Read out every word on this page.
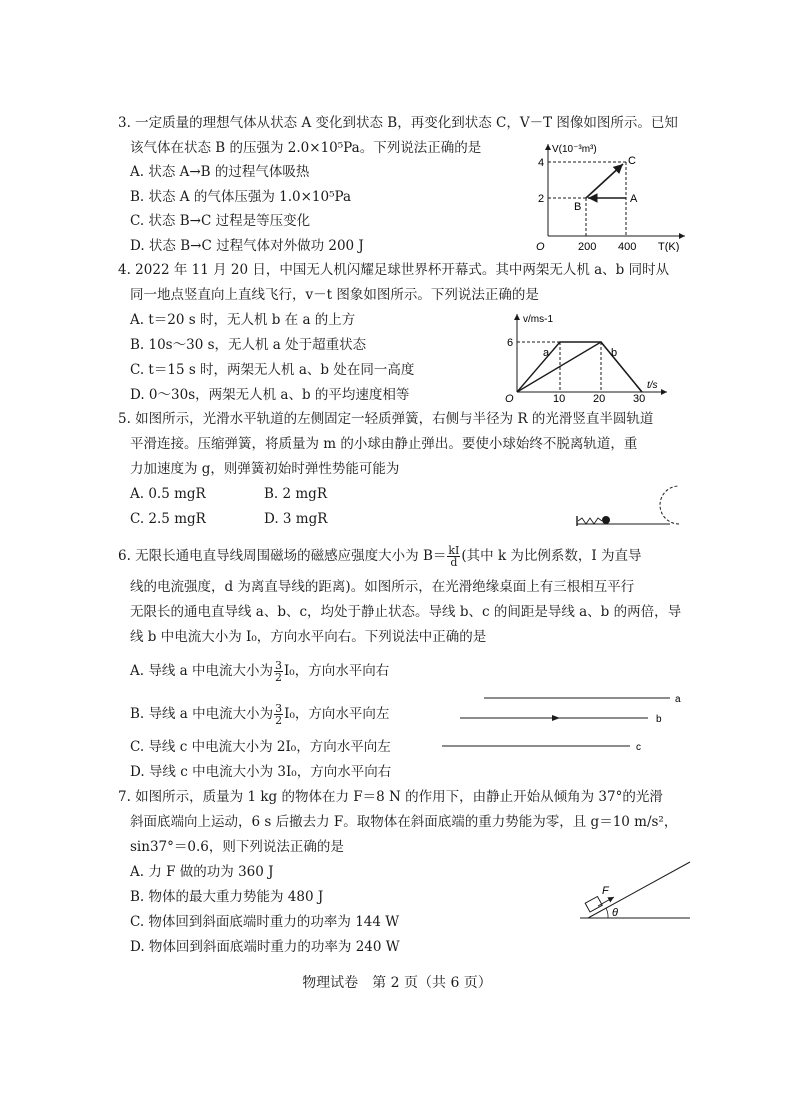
3. 一定质量的理想气体从状态 A 变化到状态 B，再变化到状态 C，V－T 图像如图所示。已知
该气体在状态 B 的压强为 2.0×10⁵Pa。下列说法正确的是
A. 状态 A→B 的过程气体吸热
B. 状态 A 的气体压强为 1.0×10⁵Pa
C. 状态 B→C 过程是等压变化
D. 状态 B→C 过程气体对外做功 200 J
V(10⁻³m³)
T(K)
O
2
4
200 400
A
B
C
4. 2022 年 11 月 20 日，中国无人机闪耀足球世界杯开幕式。其中两架无人机 a、b 同时从
同一地点竖直向上直线飞行，v－t 图象如图所示。下列说法正确的是
A. t＝20 s 时，无人机 b 在 a 的上方
B. 10s～30 s，无人机 a 处于超重状态
C. t＝15 s 时，两架无人机 a、b 处在同一高度
D. 0～30s，两架无人机 a、b 的平均速度相等
v/ms-1
t/s
O
6
10	20	30
a	b
5. 如图所示，光滑水平轨道的左侧固定一轻质弹簧，右侧与半径为 R 的光滑竖直半圆轨道
平滑连接。压缩弹簧，将质量为 m 的小球由静止弹出。要使小球始终不脱离轨道，重
力加速度为 g，则弹簧初始时弹性势能可能为
A. 0.5 mgR	B. 2 mgR
C. 2.5 mgR	D. 3 mgR
6. 无限长通电直导线周围磁场的磁感应强度大小为 $B= \frac{kI}{d}$ (其中 k 为比例系数，I 为直导
线的电流强度，d 为离直导线的距离)。如图所示，在光滑绝缘桌面上有三根相互平行
无限长的通电直导线 a、b、c，均处于静止状态。导线 b、c 的间距是导线 a、b 的两倍，导
线 b 中电流大小为 I₀，方向水平向右。下列说法中正确的是
A. 导线 a 中电流大小为 $\frac{3}{2} I_0$，方向水平向右
B. 导线 a 中电流大小为 $\frac{3}{2} I_0$，方向水平向左
C. 导线 c 中电流大小为 2I₀，方向水平向左
D. 导线 c 中电流大小为 3I₀，方向水平向右
a
b
c
7. 如图所示，质量为 1 kg 的物体在力 F＝8 N 的作用下，由静止开始从倾角为 37°的光滑
斜面底端向上运动，6 s 后撤去力 F。取物体在斜面底端的重力势能为零，且 g＝10 m/s²，
sin37°＝0.6，则下列说法正确的是
A. 力 F 做的功为 360 J
B. 物体的最大重力势能为 480 J
C. 物体回到斜面底端时重力的功率为 144 W
D. 物体回到斜面底端时重力的功率为 240 W
F
θ
物理试卷　第 2 页（共 6 页）
